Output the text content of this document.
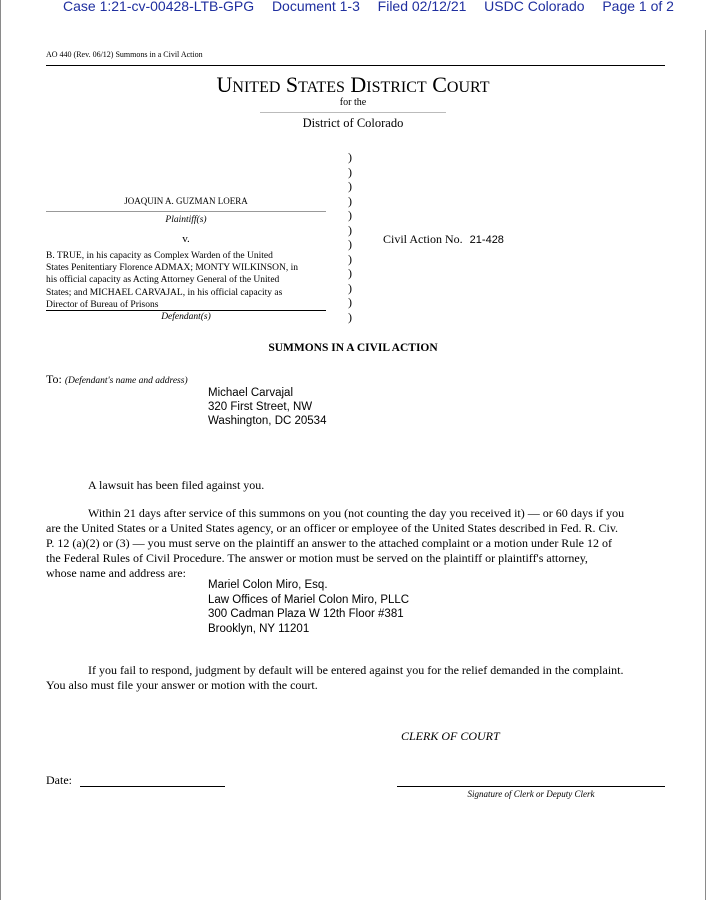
Case 1:21-cv-00428-LTB-GPG Document 1-3 Filed 02/12/21 USDC Colorado Page 1 of 2
AO 440 (Rev. 06/12) Summons in a Civil Action
UNITED STATES DISTRICT COURT
for the
District of Colorado
JOAQUIN A. GUZMAN LOERA
Plaintiff(s)
v.
B. TRUE, in his capacity as Complex Warden of the United
States Penitentiary Florence ADMAX; MONTY WILKINSON, in
his official capacity as Acting Attorney General of the United
States; and MICHAEL CARVAJAL, in his official capacity as
Director of Bureau of Prisons
Defendant(s)
)
)
)
)
)
)
)
)
)
)
)
)
Civil Action No. 21-428
SUMMONS IN A CIVIL ACTION
To: (Defendant's name and address)
Michael Carvajal
320 First Street, NW
Washington, DC 20534
A lawsuit has been filed against you.
Within 21 days after service of this summons on you (not counting the day you received it) — or 60 days if you
are the United States or a United States agency, or an officer or employee of the United States described in Fed. R. Civ.
P. 12 (a)(2) or (3) — you must serve on the plaintiff an answer to the attached complaint or a motion under Rule 12 of
the Federal Rules of Civil Procedure. The answer or motion must be served on the plaintiff or plaintiff's attorney,
whose name and address are:
Mariel Colon Miro, Esq.
Law Offices of Mariel Colon Miro, PLLC
300 Cadman Plaza W 12th Floor #381
Brooklyn, NY 11201
If you fail to respond, judgment by default will be entered against you for the relief demanded in the complaint.
You also must file your answer or motion with the court.
CLERK OF COURT
Date:
Signature of Clerk or Deputy Clerk
